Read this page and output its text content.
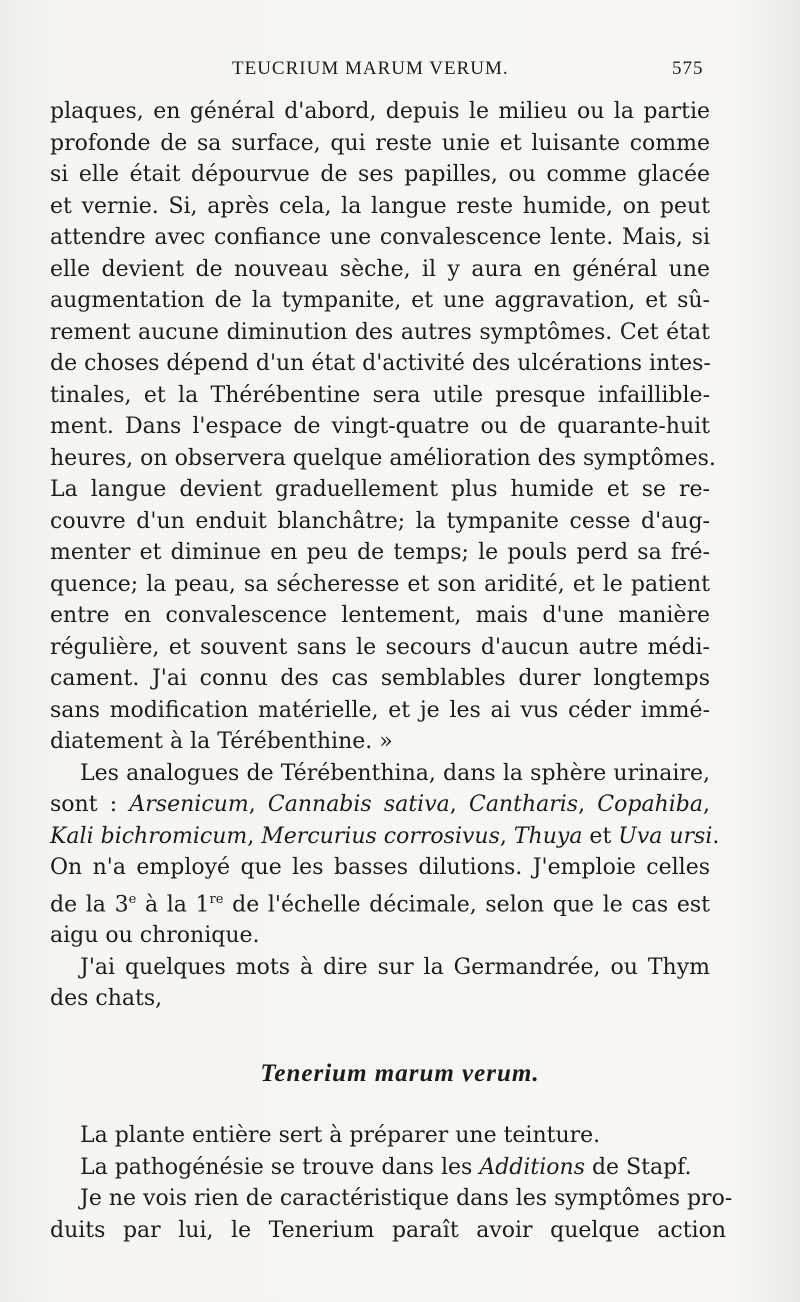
TEUCRIUM MARUM VERUM.	575
plaques, en général d'abord, depuis le milieu ou la partie
profonde de sa surface, qui reste unie et luisante comme
si elle était dépourvue de ses papilles, ou comme glacée
et vernie. Si, après cela, la langue reste humide, on peut
attendre avec confiance une convalescence lente. Mais, si
elle devient de nouveau sèche, il y aura en général une
augmentation de la tympanite, et une aggravation, et sû-
rement aucune diminution des autres symptômes. Cet état
de choses dépend d'un état d'activité des ulcérations intes-
tinales, et la Thérébentine sera utile presque infaillible-
ment. Dans l'espace de vingt-quatre ou de quarante-huit
heures, on observera quelque amélioration des symptômes.
La langue devient graduellement plus humide et se re-
couvre d'un enduit blanchâtre; la tympanite cesse d'aug-
menter et diminue en peu de temps; le pouls perd sa fré-
quence; la peau, sa sécheresse et son aridité, et le patient
entre en convalescence lentement, mais d'une manière
régulière, et souvent sans le secours d'aucun autre médi-
cament. J'ai connu des cas semblables durer longtemps
sans modification matérielle, et je les ai vus céder immé-
diatement à la Térébenthine. »
Les analogues de Térébenthina, dans la sphère urinaire,
sont : Arsenicum, Cannabis sativa, Cantharis, Copahiba,
Kali bichromicum, Mercurius corrosivus, Thuya et Uva ursi.
On n'a employé que les basses dilutions. J'emploie celles
de la 3e à la 1re de l'échelle décimale, selon que le cas est
aigu ou chronique.
J'ai quelques mots à dire sur la Germandrée, ou Thym
des chats,
Tenerium marum verum.
La plante entière sert à préparer une teinture.
La pathogénésie se trouve dans les Additions de Stapf.
Je ne vois rien de caractéristique dans les symptômes pro-
duits par lui, le Tenerium paraît avoir quelque action
